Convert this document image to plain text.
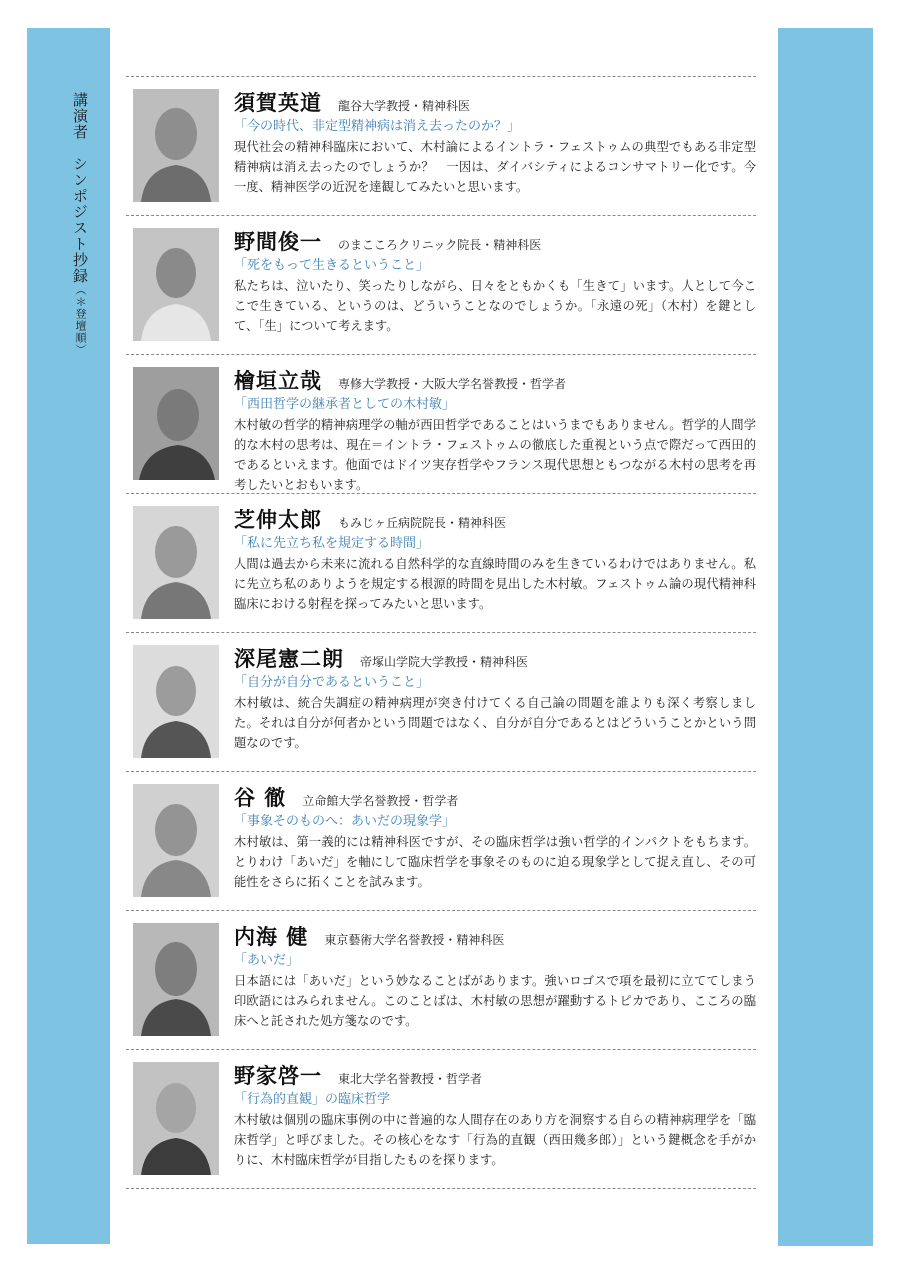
講演者　シンポジスト抄録（＊登壇順）
須賀英道 龍谷大学教授・精神科医
「今の時代、非定型精神病は消え去ったのか？」
現代社会の精神科臨床において、木村論によるイントラ・フェストゥムの典型でもある非定型精神病は消え去ったのでしょうか？　一因は、ダイバシティによるコンサマトリー化です。今一度、精神医学の近況を達観してみたいと思います。
野間俊一 のまこころクリニック院長・精神科医
「死をもって生きるということ」
私たちは、泣いたり、笑ったりしながら、日々をともかくも「生きて」います。人として今ここで生きている、というのは、どういうことなのでしょうか。「永遠の死」（木村）を鍵として、「生」について考えます。
檜垣立哉 専修大学教授・大阪大学名誉教授・哲学者
「西田哲学の継承者としての木村敏」
木村敏の哲学的精神病理学の軸が西田哲学であることはいうまでもありません。哲学的人間学的な木村の思考は、現在＝イントラ・フェストゥムの徹底した重視という点で際だって西田的であるといえます。他面ではドイツ実存哲学やフランス現代思想ともつながる木村の思考を再考したいとおもいます。
芝伸太郎 もみじヶ丘病院院長・精神科医
「私に先立ち私を規定する時間」
人間は過去から未来に流れる自然科学的な直線時間のみを生きているわけではありません。私に先立ち私のありようを規定する根源的時間を見出した木村敏。フェストゥム論の現代精神科臨床における射程を探ってみたいと思います。
深尾憲二朗 帝塚山学院大学教授・精神科医
「自分が自分であるということ」
木村敏は、統合失調症の精神病理が突き付けてくる自己論の問題を誰よりも深く考察しました。それは自分が何者かという問題ではなく、自分が自分であるとはどういうことかという問題なのです。
谷 徹 立命館大学名誉教授・哲学者
「事象そのものへ：あいだの現象学」
木村敏は、第一義的には精神科医ですが、その臨床哲学は強い哲学的インパクトをもちます。とりわけ「あいだ」を軸にして臨床哲学を事象そのものに迫る現象学として捉え直し、その可能性をさらに拓くことを試みます。
内海 健 東京藝術大学名誉教授・精神科医
「あいだ」
日本語には「あいだ」という妙なることばがあります。強いロゴスで項を最初に立ててしまう印欧語にはみられません。このことばは、木村敏の思想が躍動するトピカであり、こころの臨床へと託された処方箋なのです。
野家啓一 東北大学名誉教授・哲学者
「行為的直観」の臨床哲学
木村敏は個別の臨床事例の中に普遍的な人間存在のあり方を洞察する自らの精神病理学を「臨床哲学」と呼びました。その核心をなす「行為的直観（西田幾多郎）」という鍵概念を手がかりに、木村臨床哲学が目指したものを探ります。
